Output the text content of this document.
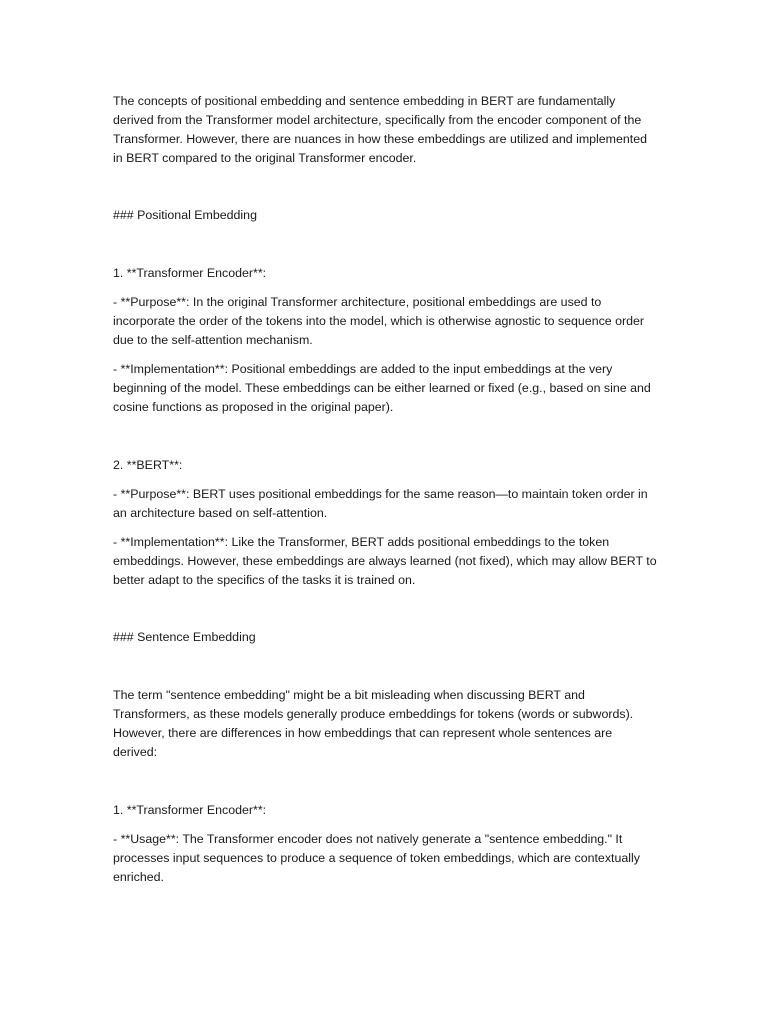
The concepts of positional embedding and sentence embedding in BERT are fundamentally derived from the Transformer model architecture, specifically from the encoder component of the Transformer. However, there are nuances in how these embeddings are utilized and implemented in BERT compared to the original Transformer encoder.

### Positional Embedding

1. **Transformer Encoder**:

- **Purpose**: In the original Transformer architecture, positional embeddings are used to incorporate the order of the tokens into the model, which is otherwise agnostic to sequence order due to the self-attention mechanism.

- **Implementation**: Positional embeddings are added to the input embeddings at the very beginning of the model. These embeddings can be either learned or fixed (e.g., based on sine and cosine functions as proposed in the original paper).

2. **BERT**:

- **Purpose**: BERT uses positional embeddings for the same reason—to maintain token order in an architecture based on self-attention.

- **Implementation**: Like the Transformer, BERT adds positional embeddings to the token embeddings. However, these embeddings are always learned (not fixed), which may allow BERT to better adapt to the specifics of the tasks it is trained on.

### Sentence Embedding

The term "sentence embedding" might be a bit misleading when discussing BERT and Transformers, as these models generally produce embeddings for tokens (words or subwords). However, there are differences in how embeddings that can represent whole sentences are derived:

1. **Transformer Encoder**:

- **Usage**: The Transformer encoder does not natively generate a "sentence embedding." It processes input sequences to produce a sequence of token embeddings, which are contextually enriched.
